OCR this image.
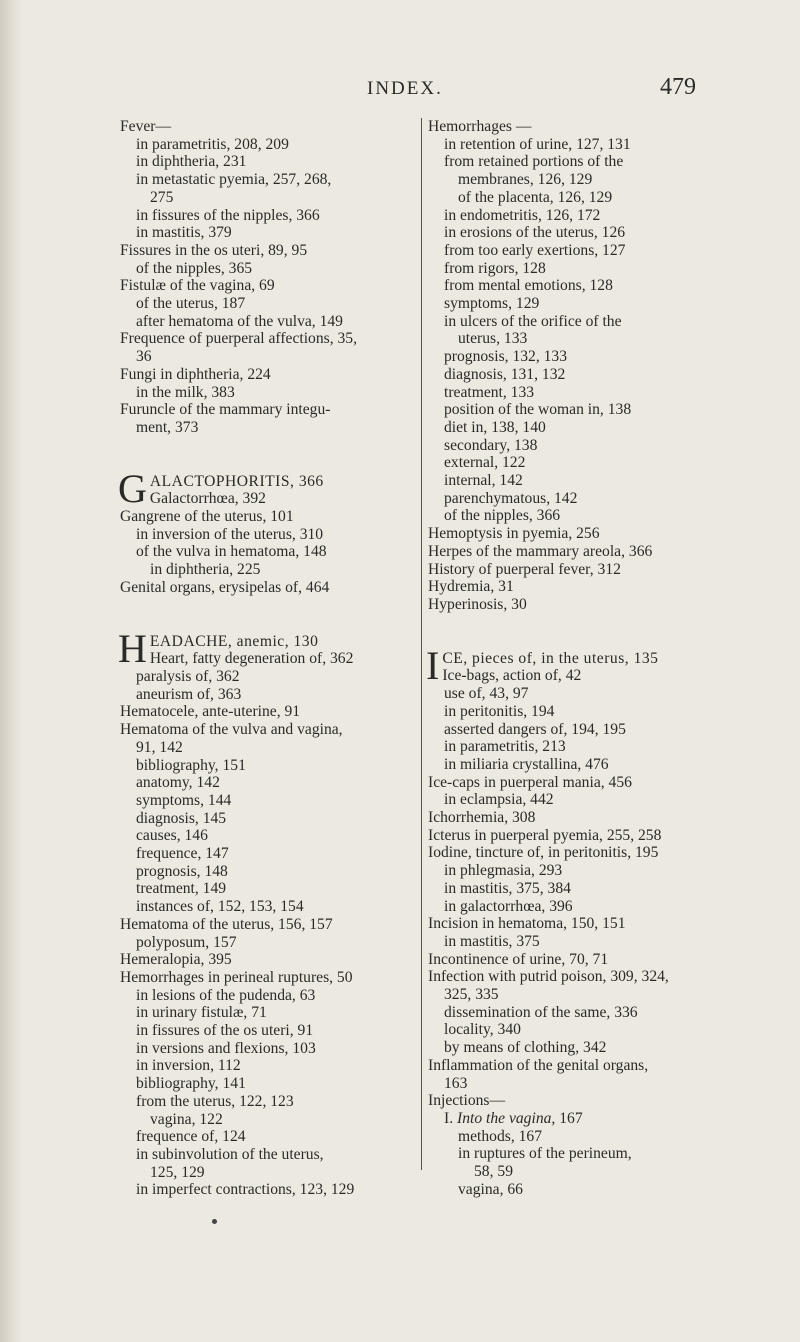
INDEX.	479
Fever—
in parametritis, 208, 209
in diphtheria, 231
in metastatic pyemia, 257, 268,
275
in fissures of the nipples, 366
in mastitis, 379
Fissures in the os uteri, 89, 95
of the nipples, 365
Fistulæ of the vagina, 69
of the uterus, 187
after hematoma of the vulva, 149
Frequence of puerperal affections, 35,
36
Fungi in diphtheria, 224
in the milk, 383
Furuncle of the mammary integu-
ment, 373
G ALACTOPHORITIS, 366
Galactorrhœa, 392
Gangrene of the uterus, 101
in inversion of the uterus, 310
of the vulva in hematoma, 148
in diphtheria, 225
Genital organs, erysipelas of, 464
H EADACHE, anemic, 130
Heart, fatty degeneration of, 362
paralysis of, 362
aneurism of, 363
Hematocele, ante-uterine, 91
Hematoma of the vulva and vagina,
91, 142
bibliography, 151
anatomy, 142
symptoms, 144
diagnosis, 145
causes, 146
frequence, 147
prognosis, 148
treatment, 149
instances of, 152, 153, 154
Hematoma of the uterus, 156, 157
polyposum, 157
Hemeralopia, 395
Hemorrhages in perineal ruptures, 50
in lesions of the pudenda, 63
in urinary fistulæ, 71
in fissures of the os uteri, 91
in versions and flexions, 103
in inversion, 112
bibliography, 141
from the uterus, 122, 123
vagina, 122
frequence of, 124
in subinvolution of the uterus,
125, 129
in imperfect contractions, 123, 129
Hemorrhages —
in retention of urine, 127, 131
from retained portions of the
membranes, 126, 129
of the placenta, 126, 129
in endometritis, 126, 172
in erosions of the uterus, 126
from too early exertions, 127
from rigors, 128
from mental emotions, 128
symptoms, 129
in ulcers of the orifice of the
uterus, 133
prognosis, 132, 133
diagnosis, 131, 132
treatment, 133
position of the woman in, 138
diet in, 138, 140
secondary, 138
external, 122
internal, 142
parenchymatous, 142
of the nipples, 366
Hemoptysis in pyemia, 256
Herpes of the mammary areola, 366
History of puerperal fever, 312
Hydremia, 31
Hyperinosis, 30
I CE, pieces of, in the uterus, 135
Ice-bags, action of, 42
use of, 43, 97
in peritonitis, 194
asserted dangers of, 194, 195
in parametritis, 213
in miliaria crystallina, 476
Ice-caps in puerperal mania, 456
in eclampsia, 442
Ichorrhemia, 308
Icterus in puerperal pyemia, 255, 258
Iodine, tincture of, in peritonitis, 195
in phlegmasia, 293
in mastitis, 375, 384
in galactorrhœa, 396
Incision in hematoma, 150, 151
in mastitis, 375
Incontinence of urine, 70, 71
Infection with putrid poison, 309, 324,
325, 335
dissemination of the same, 336
locality, 340
by means of clothing, 342
Inflammation of the genital organs,
163
Injections—
I. Into the vagina, 167
methods, 167
in ruptures of the perineum,
58, 59
vagina, 66
